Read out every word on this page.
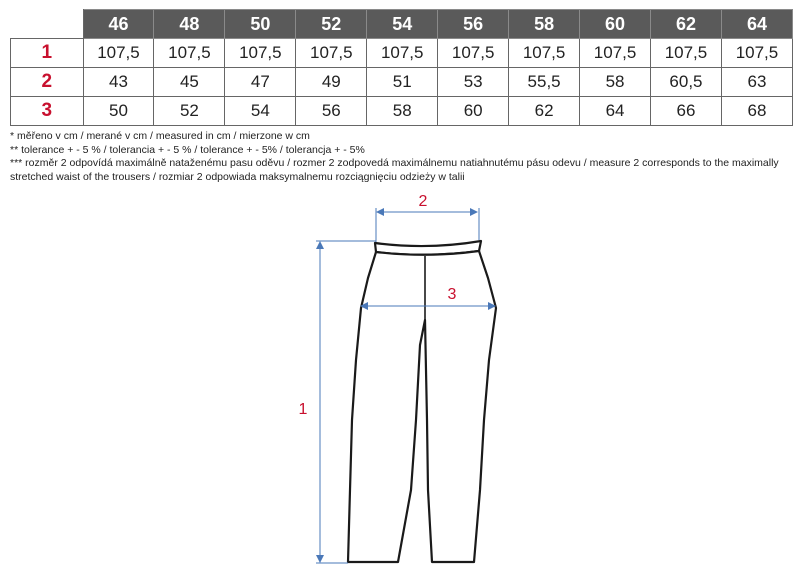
	46	48	50	52	54	56	58	60	62	64
1	107,5	107,5	107,5	107,5	107,5	107,5	107,5	107,5	107,5	107,5
2	43	45	47	49	51	53	55,5	58	60,5	63
3	50	52	54	56	58	60	62	64	66	68
* měřeno v cm / merané v cm / measured in cm / mierzone w cm
** tolerance + - 5 % / tolerancia + - 5 % / tolerance + - 5% / tolerancja + - 5%
*** rozměr 2 odpovídá maximálně nataženému pasu oděvu / rozmer 2 zodpovedá maximálnemu natiahnutému pásu odevu / measure 2 corresponds to the maximally stretched waist of the trousers / rozmiar 2 odpowiada maksymalnemu rozciągnięciu odzieży w talii
2
3
1
